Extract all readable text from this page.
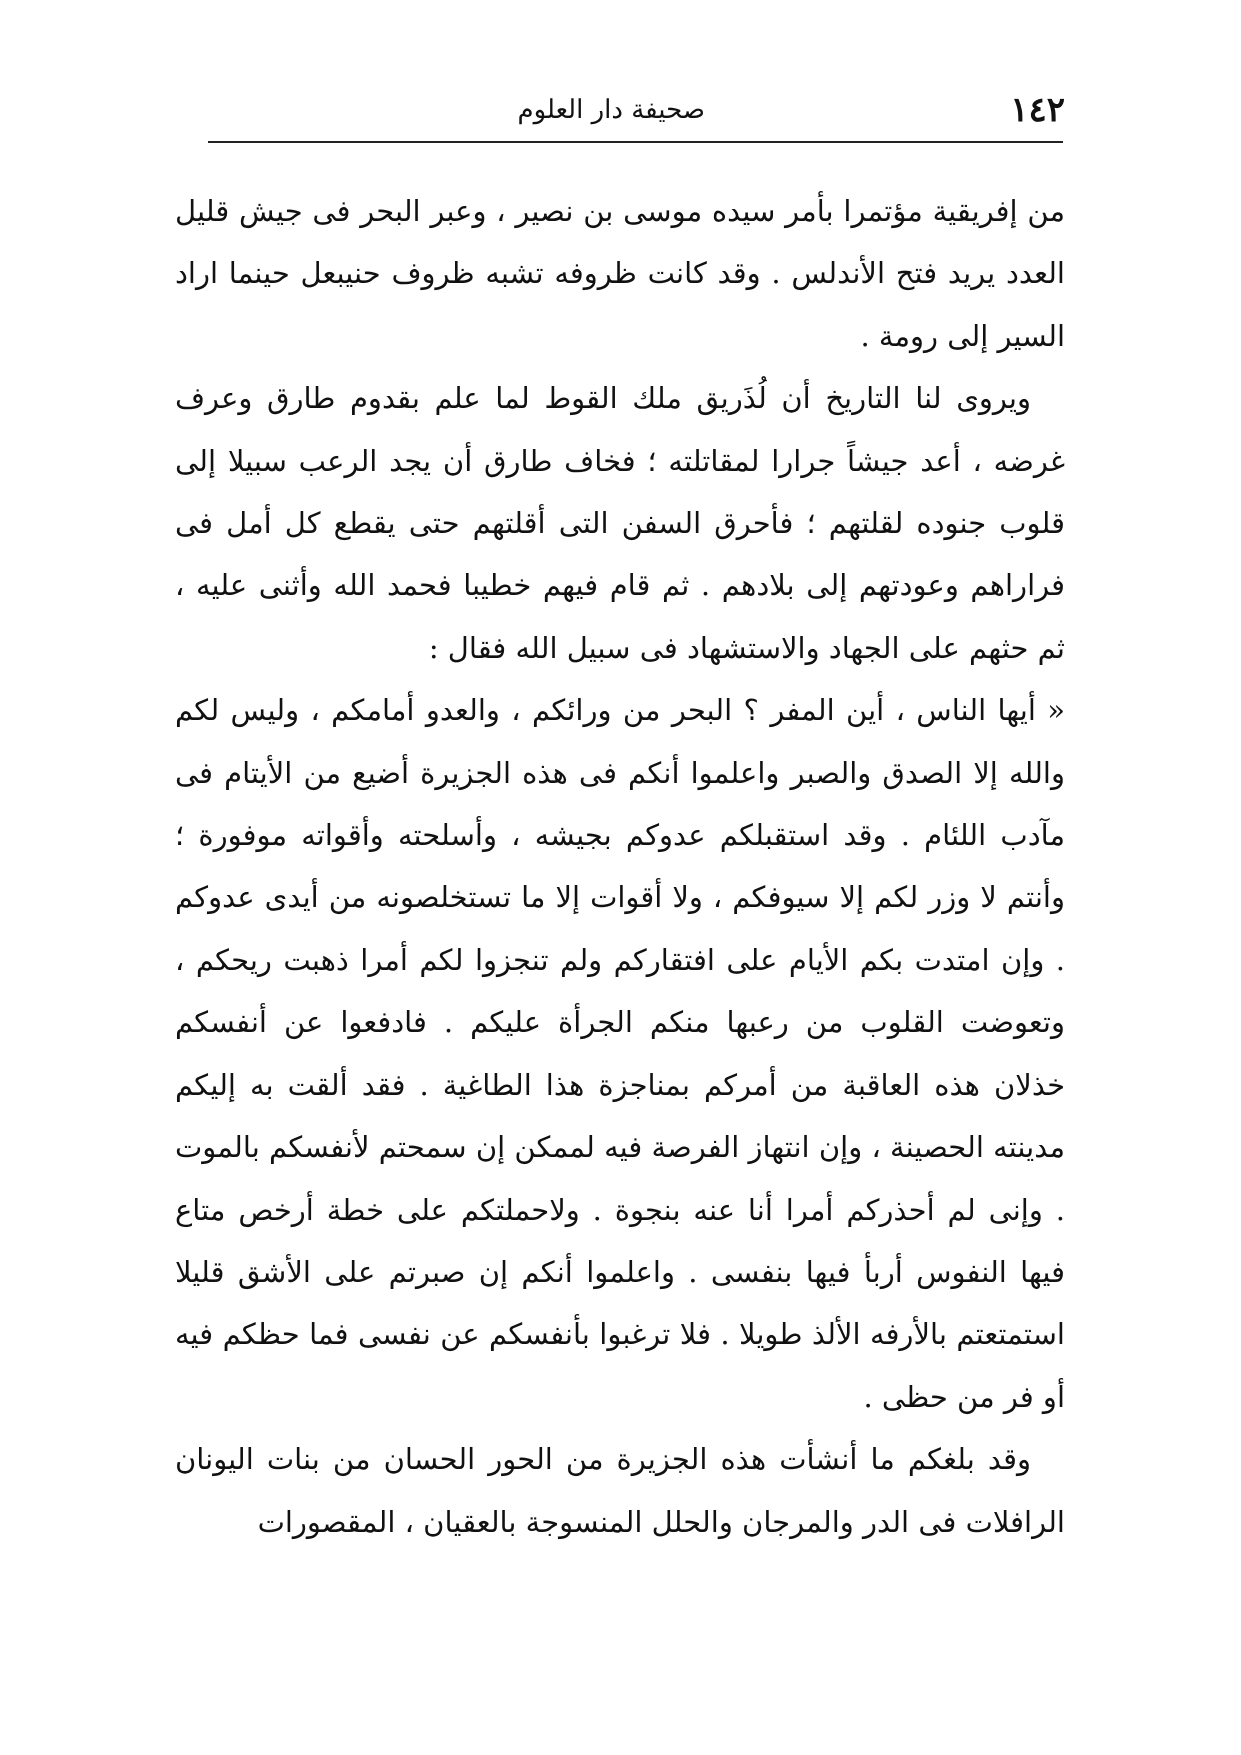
١٤٢
صحيفة دار العلوم

من إفريقية مؤتمرا بأمر سيده موسى بن نصير ، وعبر البحر فى جيش قليل العدد يريد فتح الأندلس . وقد كانت ظروفه تشبه ظروف حنيبعل حينما اراد السير إلى رومة .

ويروى لنا التاريخ أن لُذَريق ملك القوط لما علم بقدوم طارق وعرف غرضه ، أعد جيشاً جرارا لمقاتلته ؛ فخاف طارق أن يجد الرعب سبيلا إلى قلوب جنوده لقلتهم ؛ فأحرق السفن التى أقلتهم حتى يقطع كل أمل فى فراراهم وعودتهم إلى بلادهم . ثم قام فيهم خطيبا فحمد الله وأثنى عليه ، ثم حثهم على الجهاد والاستشهاد فى سبيل الله فقال :

« أيها الناس ، أين المفر ؟ البحر من ورائكم ، والعدو أمامكم ، وليس لكم والله إلا الصدق والصبر واعلموا أنكم فى هذه الجزيرة أضيع من الأيتام فى مآدب اللئام . وقد استقبلكم عدوكم بجيشه ، وأسلحته وأقواته موفورة ؛ وأنتم لا وزر لكم إلا سيوفكم ، ولا أقوات إلا ما تستخلصونه من أيدى عدوكم . وإن امتدت بكم الأيام على افتقاركم ولم تنجزوا لكم أمرا ذهبت ريحكم ، وتعوضت القلوب من رعبها منكم الجرأة عليكم . فادفعوا عن أنفسكم خذلان هذه العاقبة من أمركم بمناجزة هذا الطاغية . فقد ألقت به إليكم مدينته الحصينة ، وإن انتهاز الفرصة فيه لممكن إن سمحتم لأنفسكم بالموت . وإنى لم أحذركم أمرا أنا عنه بنجوة . ولاحملتكم على خطة أرخص متاع فيها النفوس أربأ فيها بنفسى . واعلموا أنكم إن صبرتم على الأشق قليلا استمتعتم بالأرفه الألذ طويلا . فلا ترغبوا بأنفسكم عن نفسى فما حظكم فيه أو فر من حظى .

وقد بلغكم ما أنشأت هذه الجزيرة من الحور الحسان من بنات اليونان الرافلات فى الدر والمرجان والحلل المنسوجة بالعقيان ، المقصورات
